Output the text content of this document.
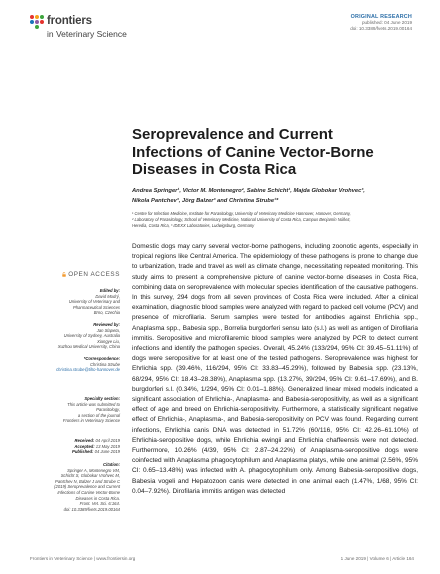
frontiers
in Veterinary Science
ORIGINAL RESEARCH
published: 04 June 2019
doi: 10.3389/fvets.2019.00164
Seroprevalence and Current
Infections of Canine Vector-Borne
Diseases in Costa Rica
Andrea Springer¹, Victor M. Montenegro², Sabine Schicht¹, Majda Globokar Vrohvec³,
Nikola Pantchev³, Jörg Balzer³ and Christina Strube¹*
¹ Centre for Infection Medicine, Institute for Parasitology, University of Veterinary Medicine Hannover, Hanover, Germany,
² Laboratory of Parasitology, School of Veterinary Medicine, National University of Costa Rica, Campus Benjamín Núñez,
Heredia, Costa Rica, ³ IDEXX Laboratories, Ludwigsburg, Germany
OPEN ACCESS
Edited by:
David Modrý,
University of Veterinary and
Pharmaceutical Sciences
Brno, Czechia
Reviewed by:
Jan Slapeta,
University of Sydney, Australia
Xiangye Liu,
Xuzhou Medical University, China
*Correspondence:
Christina Strube
christina.strube@tiho-hannover.de
Specialty section:
This article was submitted to
Parasitology,
a section of the journal
Frontiers in Veterinary Science
Received: 04 April 2019
Accepted: 13 May 2019
Published: 04 June 2019
Citation:
Springer A, Montenegro VM,
Schicht S, Globokar Vrohvec M,
Pantchev N, Balzer J and Strube C
(2019) Seroprevalence and Current
Infections of Canine Vector-Borne
Diseases in Costa Rica.
Front. Vet. Sci. 6:164.
doi: 10.3389/fvets.2019.00164

Domestic dogs may carry several vector-borne pathogens, including zoonotic agents, especially in tropical regions like Central America. The epidemiology of these pathogens is prone to change due to urbanization, trade and travel as well as climate change, necessitating repeated monitoring. This study aims to present a comprehensive picture of canine vector-borne diseases in Costa Rica, combining data on seroprevalence with molecular species identification of the causative pathogens. In this survey, 294 dogs from all seven provinces of Costa Rica were included. After a clinical examination, diagnostic blood samples were analyzed with regard to packed cell volume (PCV) and presence of microfilaria. Serum samples were tested for antibodies against Ehrlichia spp., Anaplasma spp., Babesia spp., Borrelia burgdorferi sensu lato (s.l.) as well as antigen of Dirofilaria immitis. Seropositive and microfilaremic blood samples were analyzed by PCR to detect current infections and identify the pathogen species. Overall, 45.24% (133/294, 95% CI: 39.45–51.11%) of dogs were seropositive for at least one of the tested pathogens. Seroprevalence was highest for Ehrlichia spp. (39.46%, 116/294, 95% CI: 33.83–45.29%), followed by Babesia spp. (23.13%, 68/294, 95% CI: 18.43–28.38%), Anaplasma spp. (13.27%, 39/294, 95% CI: 9.61–17.69%), and B. burgdorferi s.l. (0.34%, 1/294, 95% CI: 0.01–1.88%). Generalized linear mixed models indicated a significant association of Ehrlichia-, Anaplasma- and Babesia-seropositivity, as well as a significant effect of age and breed on Ehrlichia-seropositivity. Furthermore, a statistically significant negative effect of Ehrlichia-, Anaplasma-, and Babesia-seropositivity on PCV was found. Regarding current infections, Ehrlichia canis DNA was detected in 51.72% (60/116, 95% CI: 42.26–61.10%) of Ehrlichia-seropositive dogs, while Ehrlichia ewingii and Ehrlichia chaffeensis were not detected. Furthermore, 10.26% (4/39, 95% CI: 2.87–24.22%) of Anaplasma-seropositive dogs were coinfected with Anaplasma phagocytophilum and Anaplasma platys, while one animal (2.56%, 95% CI: 0.65–13.48%) was infected with A. phagocytophilum only. Among Babesia-seropositive dogs, Babesia vogeli and Hepatozoon canis were detected in one animal each (1.47%, 1/68, 95% CI: 0.04–7.92%). Dirofilaria immitis antigen was detected

Frontiers in Veterinary Science | www.frontiersin.org	1 June 2019 | Volume 6 | Article 164
